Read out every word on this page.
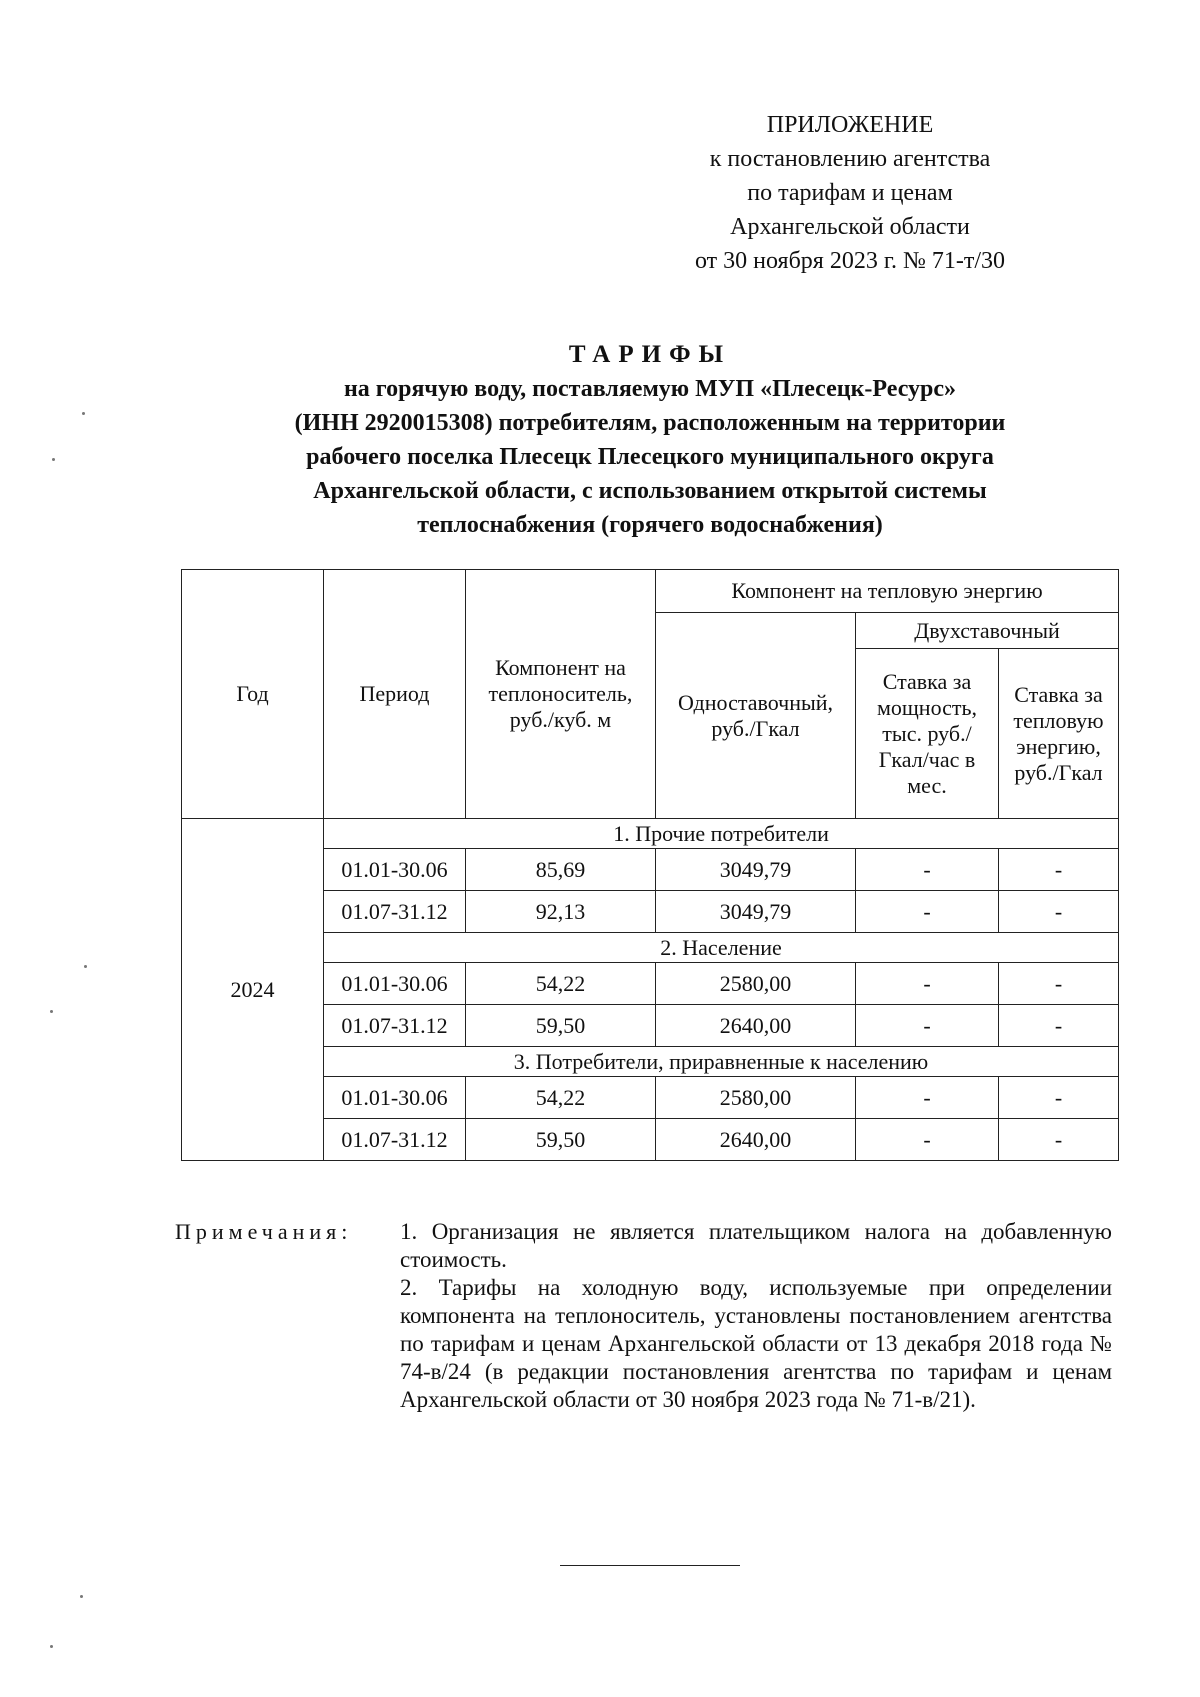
ПРИЛОЖЕНИЕ
к постановлению агентства
по тарифам и ценам
Архангельской области
от 30 ноября 2023 г. № 71-т/30
ТАРИФЫ
на горячую воду, поставляемую МУП «Плесецк-Ресурс»
(ИНН 2920015308) потребителям, расположенным на территории
рабочего поселка Плесецк Плесецкого муниципального округа
Архангельской области, с использованием открытой системы
теплоснабжения (горячего водоснабжения)
Год	Период	Компонент на теплоноситель, руб./куб. м	Компонент на тепловую энергию		
			Одноставочный, руб./Гкал	Двухставочный	
				Ставка за мощность, тыс. руб./ Гкал/час в мес.	Ставка за тепловую энергию, руб./Гкал
2024	1. Прочие потребители				
	01.01-30.06	85,69	3049,79	-	-
	01.07-31.12	92,13	3049,79	-	-
	2. Население				
	01.01-30.06	54,22	2580,00	-	-
	01.07-31.12	59,50	2640,00	-	-
	3. Потребители, приравненные к населению				
	01.01-30.06	54,22	2580,00	-	-
	01.07-31.12	59,50	2640,00	-	-
Примечания: 1. Организация не является плательщиком налога на добавленную стоимость.

2. Тарифы на холодную воду, используемые при определении компонента на теплоноситель, установлены постановлением агентства по тарифам и ценам Архангельской области от 13 декабря 2018 года № 74-в/24 (в редакции постановления агентства по тарифам и ценам Архангельской области от 30 ноября 2023 года № 71-в/21).
